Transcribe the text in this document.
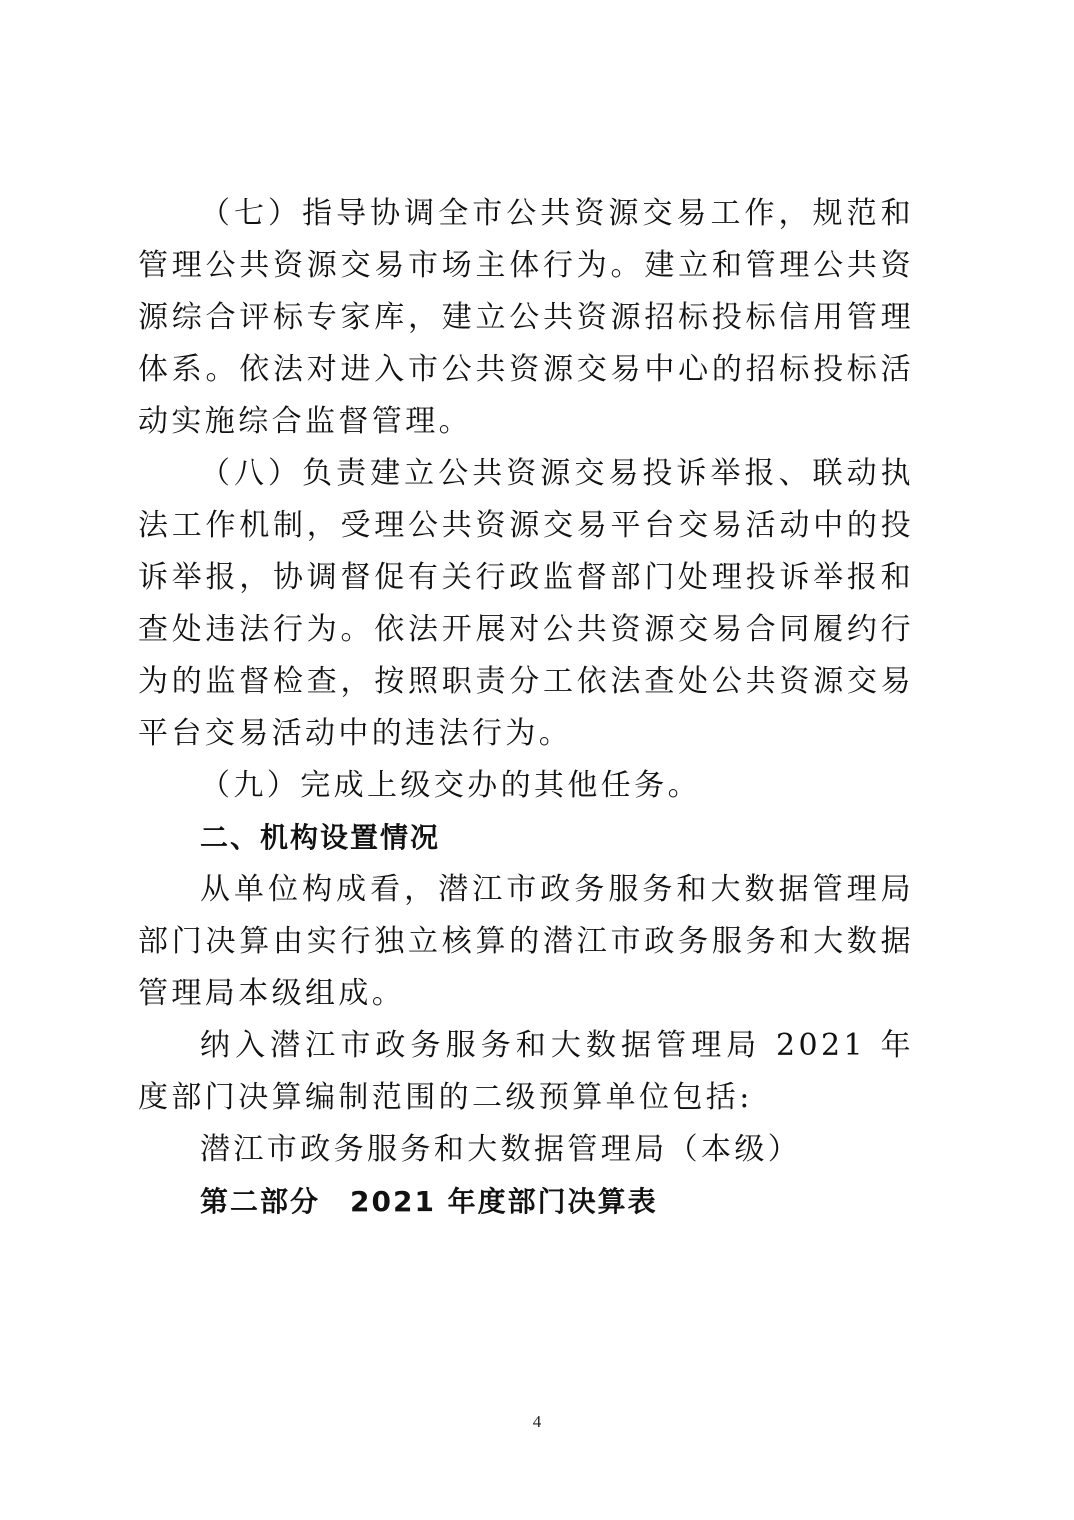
（七）指导协调全市公共资源交易工作，规范和管理公共资源交易市场主体行为。建立和管理公共资源综合评标专家库，建立公共资源招标投标信用管理体系。依法对进入市公共资源交易中心的招标投标活动实施综合监督管理。

（八）负责建立公共资源交易投诉举报、联动执法工作机制，受理公共资源交易平台交易活动中的投诉举报，协调督促有关行政监督部门处理投诉举报和查处违法行为。依法开展对公共资源交易合同履约行为的监督检查，按照职责分工依法查处公共资源交易平台交易活动中的违法行为。

（九）完成上级交办的其他任务。

二、机构设置情况

从单位构成看，潜江市政务服务和大数据管理局部门决算由实行独立核算的潜江市政务服务和大数据管理局本级组成。

纳入潜江市政务服务和大数据管理局 2021 年度部门决算编制范围的二级预算单位包括:

潜江市政务服务和大数据管理局（本级）

第二部分　2021 年度部门决算表

4
